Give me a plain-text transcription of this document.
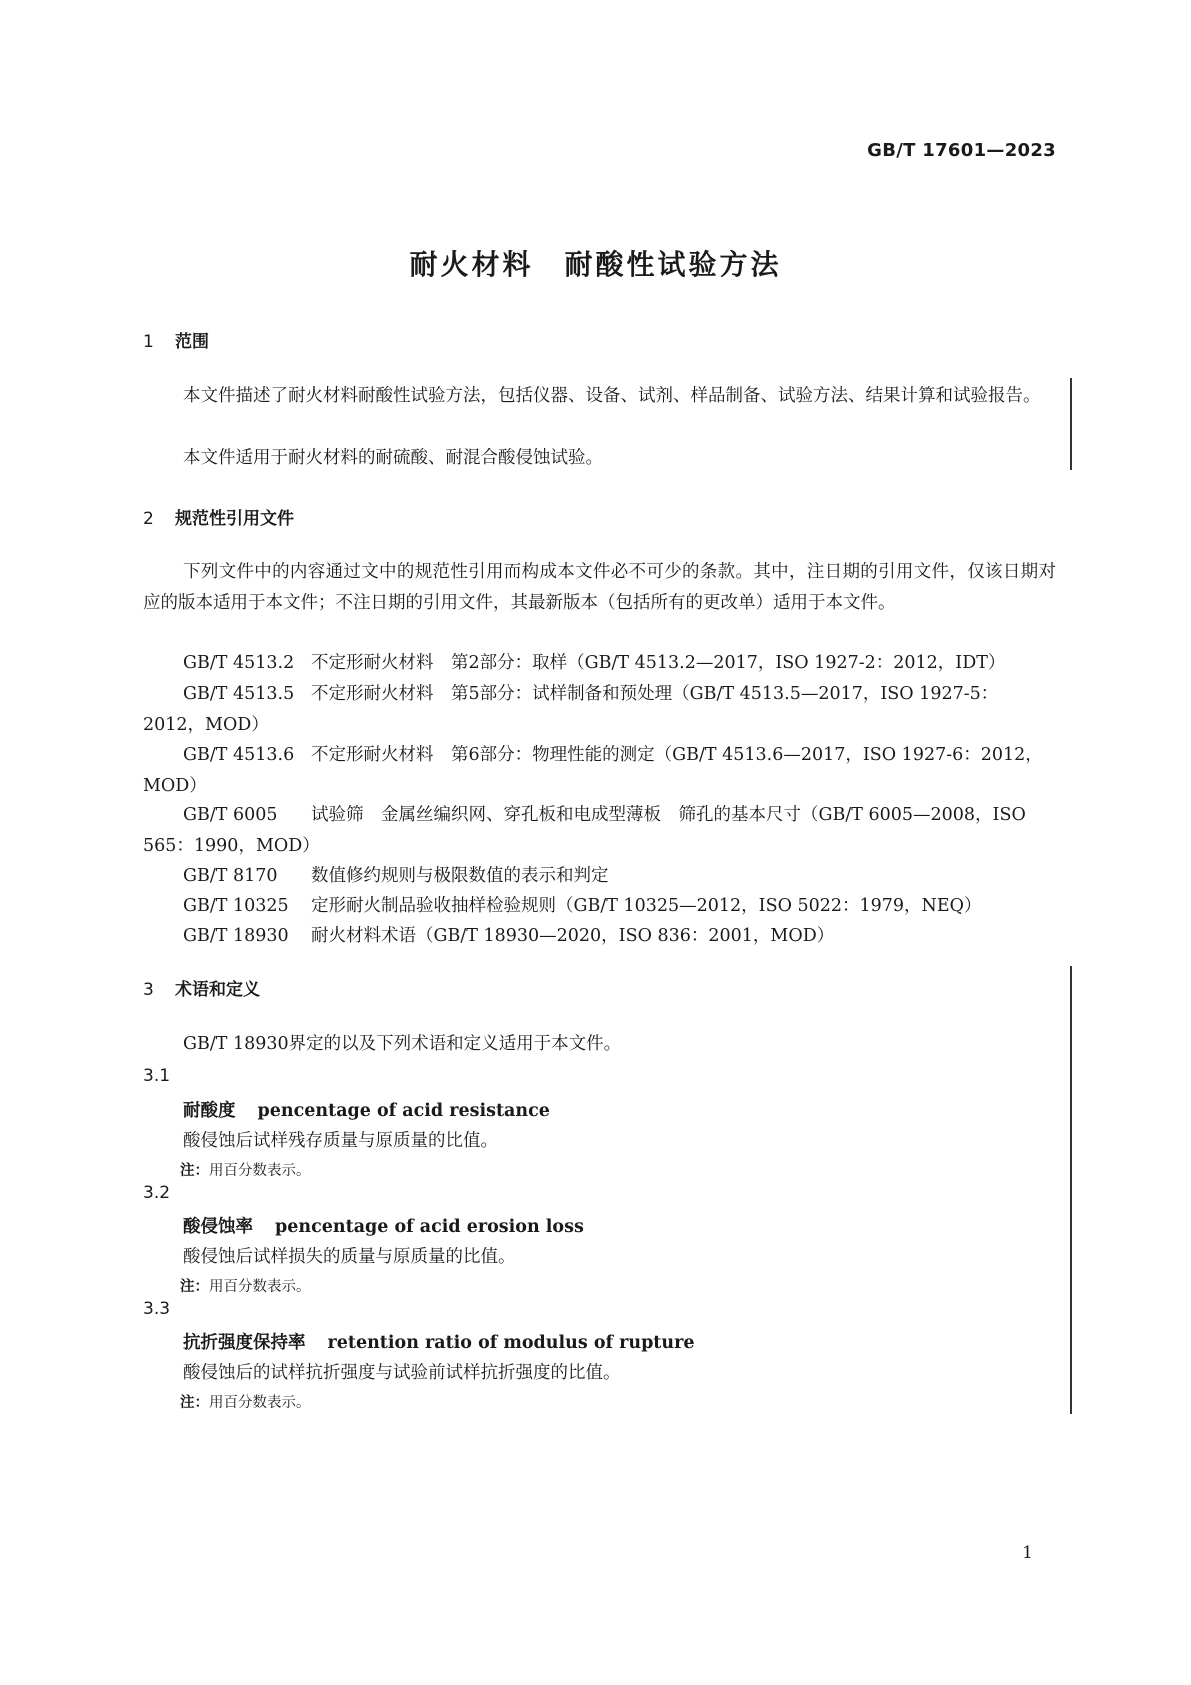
GB/T 17601—2023
耐火材料　耐酸性试验方法
1 范围
本文件描述了耐火材料耐酸性试验方法，包括仪器、设备、试剂、样品制备、试验方法、结果计算和试验报告。
本文件适用于耐火材料的耐硫酸、耐混合酸侵蚀试验。
2 规范性引用文件
下列文件中的内容通过文中的规范性引用而构成本文件必不可少的条款。其中，注日期的引用文件，仅该日期对应的版本适用于本文件；不注日期的引用文件，其最新版本（包括所有的更改单）适用于本文件。
GB/T 4513.2 不定形耐火材料　第2部分：取样（GB/T 4513.2—2017，ISO 1927-2：2012，IDT）
GB/T 4513.5 不定形耐火材料　第5部分：试样制备和预处理（GB/T 4513.5—2017，ISO 1927-5：2012，MOD）
GB/T 4513.6 不定形耐火材料　第6部分：物理性能的测定（GB/T 4513.6—2017，ISO 1927-6：2012，MOD）
GB/T 6005 试验筛　金属丝编织网、穿孔板和电成型薄板　筛孔的基本尺寸（GB/T 6005—2008，ISO 565：1990，MOD）
GB/T 8170 数值修约规则与极限数值的表示和判定
GB/T 10325 定形耐火制品验收抽样检验规则（GB/T 10325—2012，ISO 5022：1979，NEQ）
GB/T 18930 耐火材料术语（GB/T 18930—2020，ISO 836：2001，MOD）
3 术语和定义
GB/T 18930界定的以及下列术语和定义适用于本文件。
3.1
耐酸度 pencentage of acid resistance
酸侵蚀后试样残存质量与原质量的比值。
注：用百分数表示。
3.2
酸侵蚀率 pencentage of acid erosion loss
酸侵蚀后试样损失的质量与原质量的比值。
注：用百分数表示。
3.3
抗折强度保持率 retention ratio of modulus of rupture
酸侵蚀后的试样抗折强度与试验前试样抗折强度的比值。
注：用百分数表示。
1
